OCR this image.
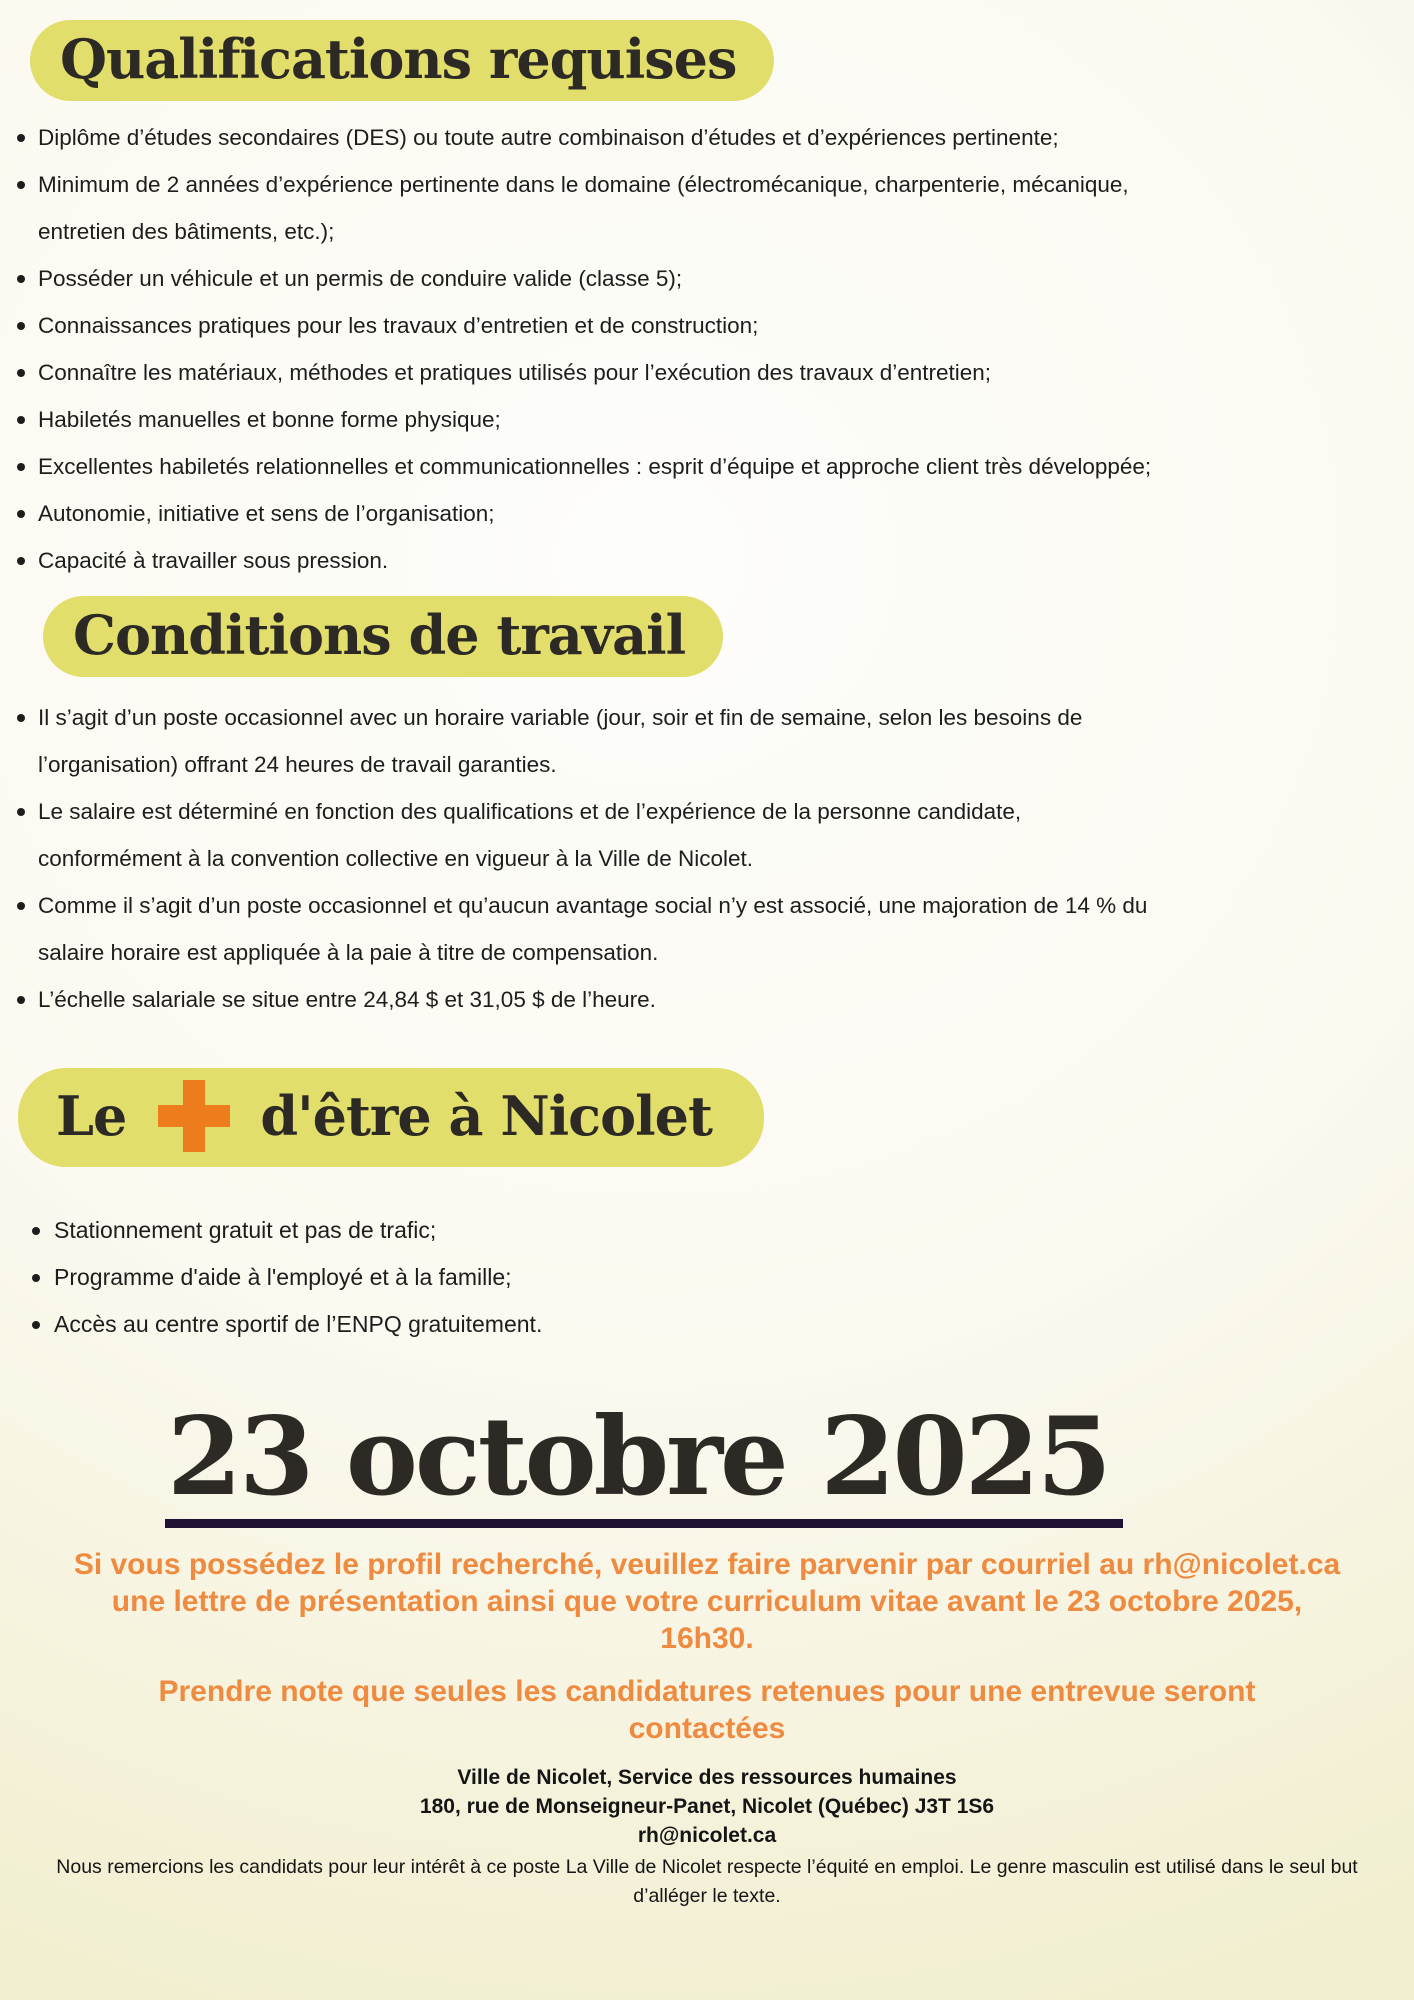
Qualifications requises
Diplôme d’études secondaires (DES) ou toute autre combinaison d’études et d’expériences pertinente;
Minimum de 2 années d’expérience pertinente dans le domaine (électromécanique, charpenterie, mécanique, entretien des bâtiments, etc.);
Posséder un véhicule et un permis de conduire valide (classe 5);
Connaissances pratiques pour les travaux d’entretien et de construction;
Connaître les matériaux, méthodes et pratiques utilisés pour l’exécution des travaux d’entretien;
Habiletés manuelles et bonne forme physique;
Excellentes habiletés relationnelles et communicationnelles : esprit d’équipe et approche client très développée;
Autonomie, initiative et sens de l’organisation;
Capacité à travailler sous pression.
Conditions de travail
Il s’agit d’un poste occasionnel avec un horaire variable (jour, soir et fin de semaine, selon les besoins de l’organisation) offrant 24 heures de travail garanties.
Le salaire est déterminé en fonction des qualifications et de l’expérience de la personne candidate, conformément à la convention collective en vigueur à la Ville de Nicolet.
Comme il s’agit d’un poste occasionnel et qu’aucun avantage social n’y est associé, une majoration de 14 % du salaire horaire est appliquée à la paie à titre de compensation.
L’échelle salariale se situe entre 24,84 $ et 31,05 $ de l’heure.
Le d'être à Nicolet
Stationnement gratuit et pas de trafic;
Programme d'aide à l'employé et à la famille;
Accès au centre sportif de l’ENPQ gratuitement.
23 octobre 2025

Si vous possédez le profil recherché, veuillez faire parvenir par courriel au rh@nicolet.ca une lettre de présentation ainsi que votre curriculum vitae avant le 23 octobre 2025, 16h30.

Prendre note que seules les candidatures retenues pour une entrevue seront contactées

Ville de Nicolet, Service des ressources humaines
180, rue de Monseigneur-Panet, Nicolet (Québec) J3T 1S6
rh@nicolet.ca

Nous remercions les candidats pour leur intérêt à ce poste La Ville de Nicolet respecte l’équité en emploi. Le genre masculin est utilisé dans le seul but d’alléger le texte.
